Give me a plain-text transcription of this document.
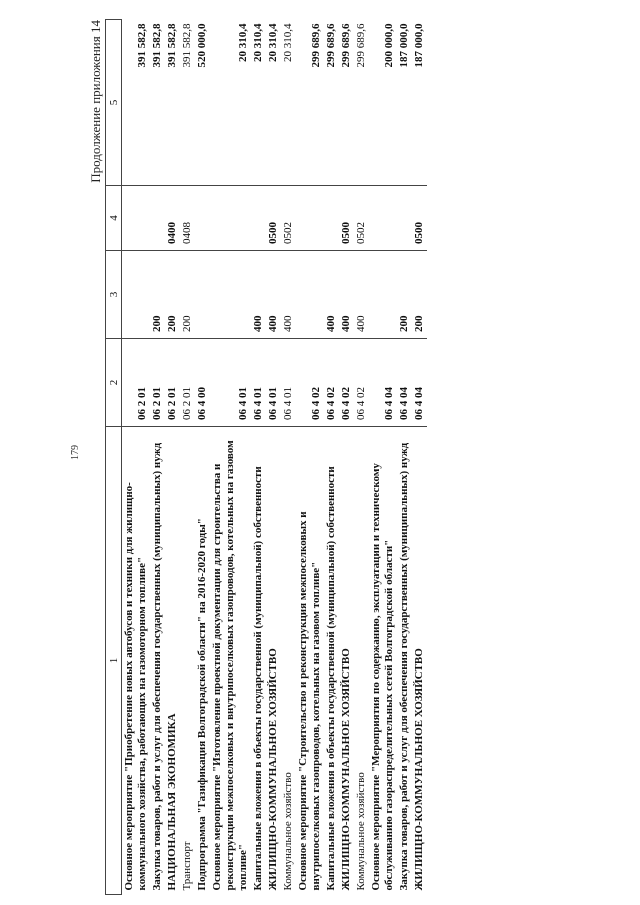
179
Продолжение приложения 14
1	2	3	4	5
Основное мероприятие "Приобретение новых автобусов и техники для жилищно-коммунального хозяйства, работающих на газомоторном топливе"	06 2 01			391 582,8
Закупка товаров, работ и услуг для обеспечения государственных (муниципальных) нужд	06 2 01	200		391 582,8
НАЦИОНАЛЬНАЯ ЭКОНОМИКА	06 2 01	200	0400	391 582,8
Транспорт	06 2 01	200	0408	391 582,8
Подпрограмма "Газификация Волгоградской области" на 2016-2020 годы"	06 4 00			520 000,0
Основное мероприятие "Изготовление проектной документации для строительства и реконструкции межпоселковых и внутрипоселковых газопроводов, котельных на газовом топливе"	06 4 01			20 310,4
Капитальные вложения в объекты государственной (муниципальной) собственности	06 4 01	400		20 310,4
ЖИЛИЩНО-КОММУНАЛЬНОЕ ХОЗЯЙСТВО	06 4 01	400	0500	20 310,4
Коммунальное хозяйство	06 4 01	400	0502	20 310,4
Основное мероприятие "Строительство и реконструкция межпоселковых и внутрипоселковых газопроводов, котельных на газовом топливе"	06 4 02			299 689,6
Капитальные вложения в объекты государственной (муниципальной) собственности	06 4 02	400		299 689,6
ЖИЛИЩНО-КОММУНАЛЬНОЕ ХОЗЯЙСТВО	06 4 02	400	0500	299 689,6
Коммунальное хозяйство	06 4 02	400	0502	299 689,6
Основное мероприятие "Мероприятия по содержанию, эксплуатации и техническому обслуживанию газораспределительных сетей Волгоградской области"	06 4 04			200 000,0
Закупка товаров, работ и услуг для обеспечения государственных (муниципальных) нужд	06 4 04	200		187 000,0
ЖИЛИЩНО-КОММУНАЛЬНОЕ ХОЗЯЙСТВО	06 4 04	200	0500	187 000,0
